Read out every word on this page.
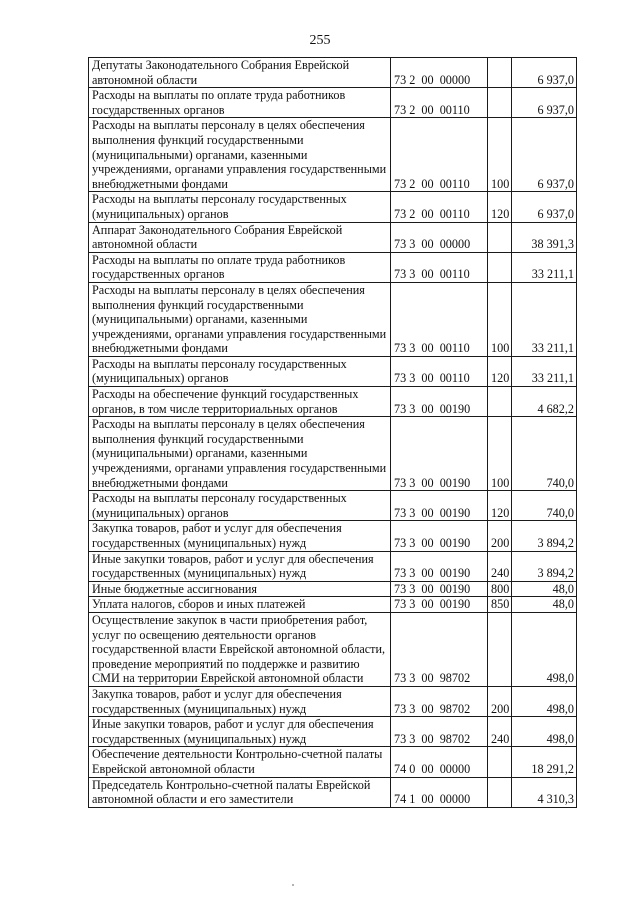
255
Депутаты Законодательного Собрания Еврейской автономной области	73 2  00  00000		6 937,0
Расходы на выплаты по оплате труда работников государственных органов	73 2  00  00110		6 937,0
Расходы на выплаты персоналу в целях обеспечения выполнения функций государственными (муниципальными) органами, казенными учреждениями, органами управления государственными внебюджетными фондами	73 2  00  00110	100	6 937,0
Расходы на выплаты персоналу государственных (муниципальных) органов	73 2  00  00110	120	6 937,0
Аппарат Законодательного Собрания Еврейской автономной области	73 3  00  00000		38 391,3
Расходы на выплаты по оплате труда работников государственных органов	73 3  00  00110		33 211,1
Расходы на выплаты персоналу в целях обеспечения выполнения функций государственными (муниципальными) органами, казенными учреждениями, органами управления государственными внебюджетными фондами	73 3  00  00110	100	33 211,1
Расходы на выплаты персоналу государственных (муниципальных) органов	73 3  00  00110	120	33 211,1
Расходы на обеспечение функций государственных органов, в том числе территориальных органов	73 3  00  00190		4 682,2
Расходы на выплаты персоналу в целях обеспечения выполнения функций государственными (муниципальными) органами, казенными учреждениями, органами управления государственными внебюджетными фондами	73 3  00  00190	100	740,0
Расходы на выплаты персоналу государственных (муниципальных) органов	73 3  00  00190	120	740,0
Закупка товаров, работ и услуг для обеспечения государственных (муниципальных) нужд	73 3  00  00190	200	3 894,2
Иные закупки товаров, работ и услуг для обеспечения государственных (муниципальных) нужд	73 3  00  00190	240	3 894,2
Иные бюджетные ассигнования	73 3  00  00190	800	48,0
Уплата налогов, сборов и иных платежей	73 3  00  00190	850	48,0
Осуществление закупок в части приобретения работ, услуг по освещению деятельности органов государственной власти Еврейской автономной области, проведение мероприятий по поддержке и развитию СМИ на территории Еврейской автономной области	73 3  00  98702		498,0
Закупка товаров, работ и услуг для обеспечения государственных (муниципальных) нужд	73 3  00  98702	200	498,0
Иные закупки товаров, работ и услуг для обеспечения государственных (муниципальных) нужд	73 3  00  98702	240	498,0
Обеспечение деятельности Контрольно-счетной палаты Еврейской автономной области	74 0  00  00000		18 291,2
Председатель Контрольно-счетной палаты Еврейской автономной области и его заместители	74 1  00  00000		4 310,3
